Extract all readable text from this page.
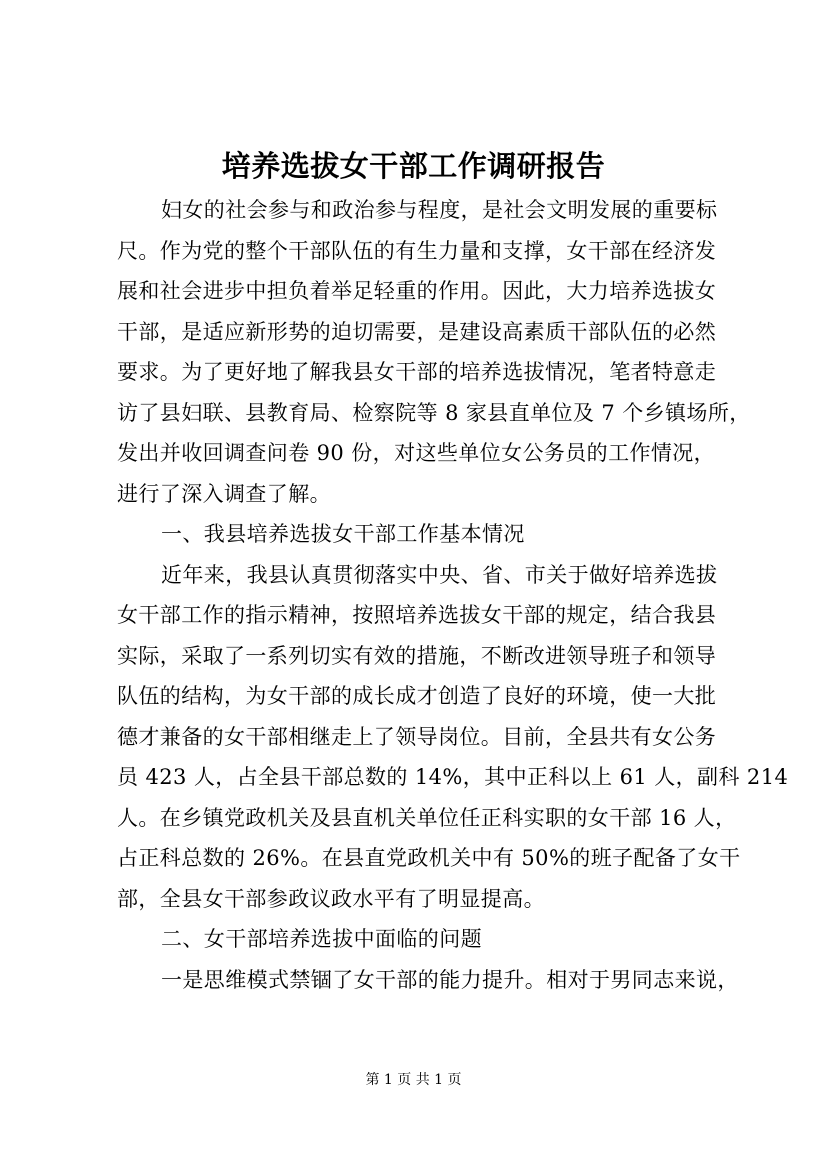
培养选拔女干部工作调研报告
妇女的社会参与和政治参与程度，是社会文明发展的重要标
尺。作为党的整个干部队伍的有生力量和支撑，女干部在经济发
展和社会进步中担负着举足轻重的作用。因此，大力培养选拔女
干部，是适应新形势的迫切需要，是建设高素质干部队伍的必然
要求。为了更好地了解我县女干部的培养选拔情况，笔者特意走
访了县妇联、县教育局、检察院等 8 家县直单位及 7 个乡镇场所，
发出并收回调查问卷 90 份，对这些单位女公务员的工作情况，
进行了深入调查了解。
一、我县培养选拔女干部工作基本情况
近年来，我县认真贯彻落实中央、省、市关于做好培养选拔
女干部工作的指示精神，按照培养选拔女干部的规定，结合我县
实际，采取了一系列切实有效的措施，不断改进领导班子和领导
队伍的结构，为女干部的成长成才创造了良好的环境，使一大批
德才兼备的女干部相继走上了领导岗位。目前，全县共有女公务
员 423 人，占全县干部总数的 14%，其中正科以上 61 人，副科 214
人。在乡镇党政机关及县直机关单位任正科实职的女干部 16 人，
占正科总数的 26%。在县直党政机关中有 50%的班子配备了女干
部，全县女干部参政议政水平有了明显提高。
二、女干部培养选拔中面临的问题
一是思维模式禁锢了女干部的能力提升。相对于男同志来说，
第 1 页 共 1 页
